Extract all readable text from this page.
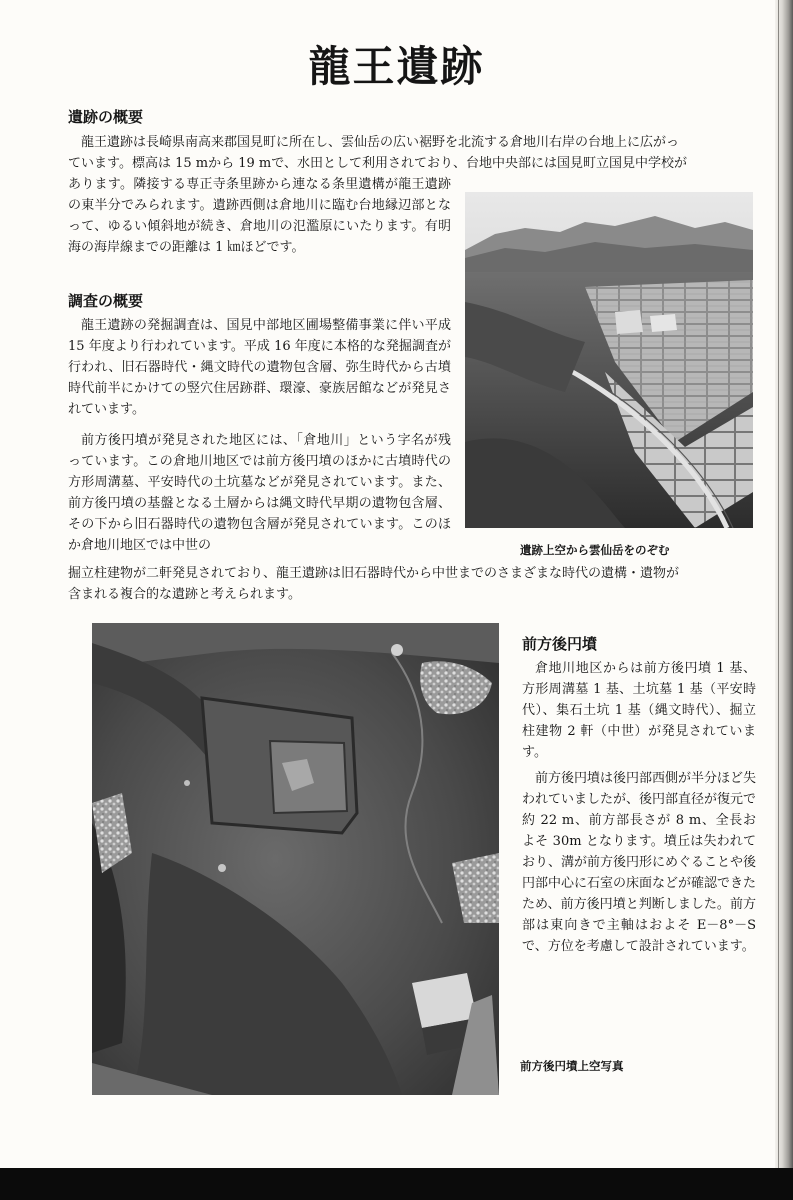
龍王遺跡
遺跡の概要
龍王遺跡は長崎県南高来郡国見町に所在し、雲仙岳の広い裾野を北流する倉地川右岸の台地上に広がっ
ています。標高は 15 mから 19 mで、水田として利用されており、台地中央部には国見町立国見中学校が
あります。隣接する専正寺条里跡から連なる条里遺構が龍王遺跡の東半分でみられます。遺跡西側は倉地川に臨む台地縁辺部となって、ゆるい傾斜地が続き、倉地川の氾濫原にいたります。有明海の海岸線までの距離は 1 ㎞ほどです。
遺跡上空から雲仙岳をのぞむ
調査の概要
龍王遺跡の発掘調査は、国見中部地区圃場整備事業に伴い平成 15 年度より行われています。平成 16 年度に本格的な発掘調査が行われ、旧石器時代・縄文時代の遺物包含層、弥生時代から古墳時代前半にかけての竪穴住居跡群、環濠、豪族居館などが発見されています。
前方後円墳が発見された地区には、「倉地川」という字名が残っています。この倉地川地区では前方後円墳のほかに古墳時代の方形周溝墓、平安時代の土坑墓などが発見されています。また、前方後円墳の基盤となる土層からは縄文時代早期の遺物包含層、その下から旧石器時代の遺物包含層が発見されています。このほか倉地川地区では中世の
掘立柱建物が二軒発見されており、龍王遺跡は旧石器時代から中世までのさまざまな時代の遺構・遺物が
含まれる複合的な遺跡と考えられます。
前方後円墳上空写真
前方後円墳
倉地川地区からは前方後円墳 1 基、方形周溝墓 1 基、土坑墓 1 基（平安時代）、集石土坑 1 基（縄文時代）、掘立柱建物 2 軒（中世）が発見されています。
前方後円墳は後円部西側が半分ほど失われていましたが、後円部直径が復元で約 22 m、前方部長さが 8 m、全長およそ 30m となります。墳丘は失われており、溝が前方後円形にめぐることや後円部中心に石室の床面などが確認できたため、前方後円墳と判断しました。前方部は東向きで主軸はおよそ E－8°－S で、方位を考慮して設計されています。
